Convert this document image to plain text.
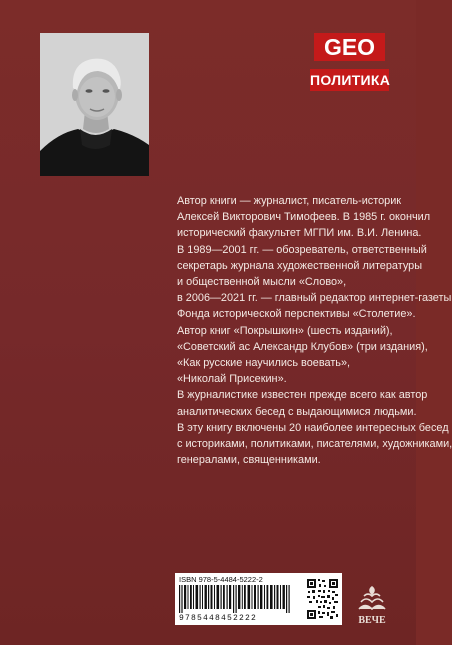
GEO
ПОЛИТИКА

Автор книги — журналист, писатель-историк

Алексей Викторович Тимофеев. В 1985 г. окончил

исторический факультет МГПИ им. В.И. Ленина.

В 1989—2001 гг. — обозреватель, ответственный

секретарь журнала художественной литературы

и общественной мысли «Слово»,

в 2006—2021 гг. — главный редактор интернет-газеты

Фонда исторической перспективы «Столетие».

Автор книг «Покрышкин» (шесть изданий),

«Советский ас Александр Клубов» (три издания),

«Как русские научились воевать»,

«Николай Присекин».

В журналистике известен прежде всего как автор

аналитических бесед с выдающимися людьми.

В эту книгу включены 20 наиболее интересных бесед

с историками, политиками, писателями, художниками,

генералами, священниками.

ISBN 978-5-4484-5222-2
9785448452222	ВЕЧЕ
